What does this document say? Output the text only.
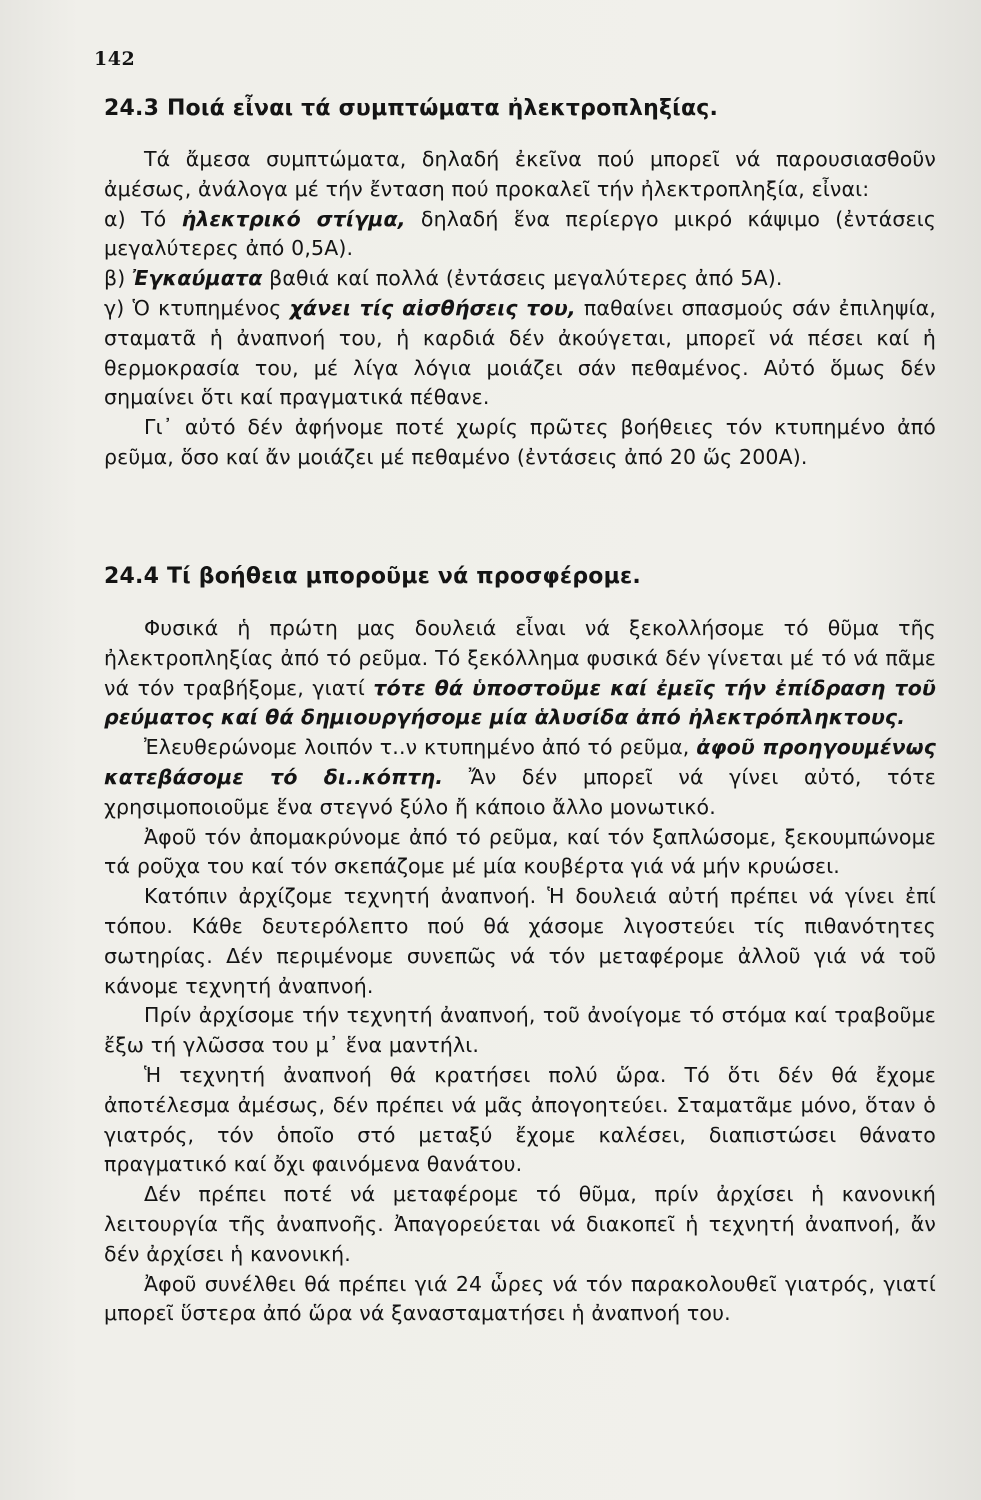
142
24.3 Ποιά εἶναι τά συμπτώματα ἠλεκτροπληξίας.

Τά ἄμεσα συμπτώματα, δηλαδή ἐκεῖνα πού μπορεῖ νά παρουσιασθοῦν ἀμέσως, ἀνάλογα μέ τήν ἔνταση πού προκαλεῖ τήν ἠλεκτροπληξία, εἶναι:

α) Τό ἠλεκτρικό στίγμα, δηλαδή ἕνα περίεργο μικρό κάψιμο (ἐντάσεις μεγαλύτερες ἀπό 0,5Α).

β) Ἐγκαύματα βαθιά καί πολλά (ἐντάσεις μεγαλύτερες ἀπό 5Α).

γ) Ὁ κτυπημένος χάνει τίς αἰσθήσεις του, παθαίνει σπασμούς σάν ἐπιληψία, σταματᾶ ἡ ἀναπνοή του, ἡ καρδιά δέν ἀκούγεται, μπορεῖ νά πέσει καί ἡ θερμοκρασία του, μέ λίγα λόγια μοιάζει σάν πεθαμένος. Αὐτό ὅμως δέν σημαίνει ὅτι καί πραγματικά πέθανε.

Γι᾽ αὐτό δέν ἀφήνομε ποτέ χωρίς πρῶτες βοήθειες τόν κτυπημένο ἀπό ρεῦμα, ὅσο καί ἄν μοιάζει μέ πεθαμένο (ἐντάσεις ἀπό 20 ὥς 200Α).

24.4 Τί βοήθεια μποροῦμε νά προσφέρομε.

Φυσικά ἡ πρώτη μας δουλειά εἶναι νά ξεκολλήσομε τό θῦμα τῆς ἠλεκτροπληξίας ἀπό τό ρεῦμα. Τό ξεκόλλημα φυσικά δέν γίνεται μέ τό νά πᾶμε νά τόν τραβήξομε, γιατί τότε θά ὑποστοῦμε καί ἐμεῖς τήν ἐπίδραση τοῦ ρεύματος καί θά δημιουργήσομε μία ἁλυσίδα ἀπό ἠλεκτρόπληκτους.

Ἐλευθερώνομε λοιπόν τ..ν κτυπημένο ἀπό τό ρεῦμα, ἀφοῦ προηγουμένως κατεβάσομε τό δι..κόπτη. Ἄν δέν μπορεῖ νά γίνει αὐτό, τότε χρησιμοποιοῦμε ἕνα στεγνό ξύλο ἤ κάποιο ἄλλο μονωτικό.

Ἀφοῦ τόν ἀπομακρύνομε ἀπό τό ρεῦμα, καί τόν ξαπλώσομε, ξεκουμπώνομε τά ροῦχα του καί τόν σκεπάζομε μέ μία κουβέρτα γιά νά μήν κρυώσει.

Κατόπιν ἀρχίζομε τεχνητή ἀναπνοή. Ἡ δουλειά αὐτή πρέπει νά γίνει ἐπί τόπου. Κάθε δευτερόλεπτο πού θά χάσομε λιγοστεύει τίς πιθανότητες σωτηρίας. Δέν περιμένομε συνεπῶς νά τόν μεταφέρομε ἀλλοῦ γιά νά τοῦ κάνομε τεχνητή ἀναπνοή.

Πρίν ἀρχίσομε τήν τεχνητή ἀναπνοή, τοῦ ἀνοίγομε τό στόμα καί τραβοῦμε ἔξω τή γλῶσσα του μ᾽ ἕνα μαντήλι.

Ἡ τεχνητή ἀναπνοή θά κρατήσει πολύ ὥρα. Τό ὅτι δέν θά ἔχομε ἀποτέλεσμα ἀμέσως, δέν πρέπει νά μᾶς ἀπογοητεύει. Σταματᾶμε μόνο, ὅταν ὁ γιατρός, τόν ὁποῖο στό μεταξύ ἔχομε καλέσει, διαπιστώσει θάνατο πραγματικό καί ὄχι φαινόμενα θανάτου.

Δέν πρέπει ποτέ νά μεταφέρομε τό θῦμα, πρίν ἀρχίσει ἡ κανονική λειτουργία τῆς ἀναπνοῆς. Ἀπαγορεύεται νά διακοπεῖ ἡ τεχνητή ἀναπνοή, ἄν δέν ἀρχίσει ἡ κανονική.

Ἀφοῦ συνέλθει θά πρέπει γιά 24 ὧρες νά τόν παρακολουθεῖ γιατρός, γιατί μπορεῖ ὕστερα ἀπό ὥρα νά ξανασταματήσει ἡ ἀναπνοή του.
